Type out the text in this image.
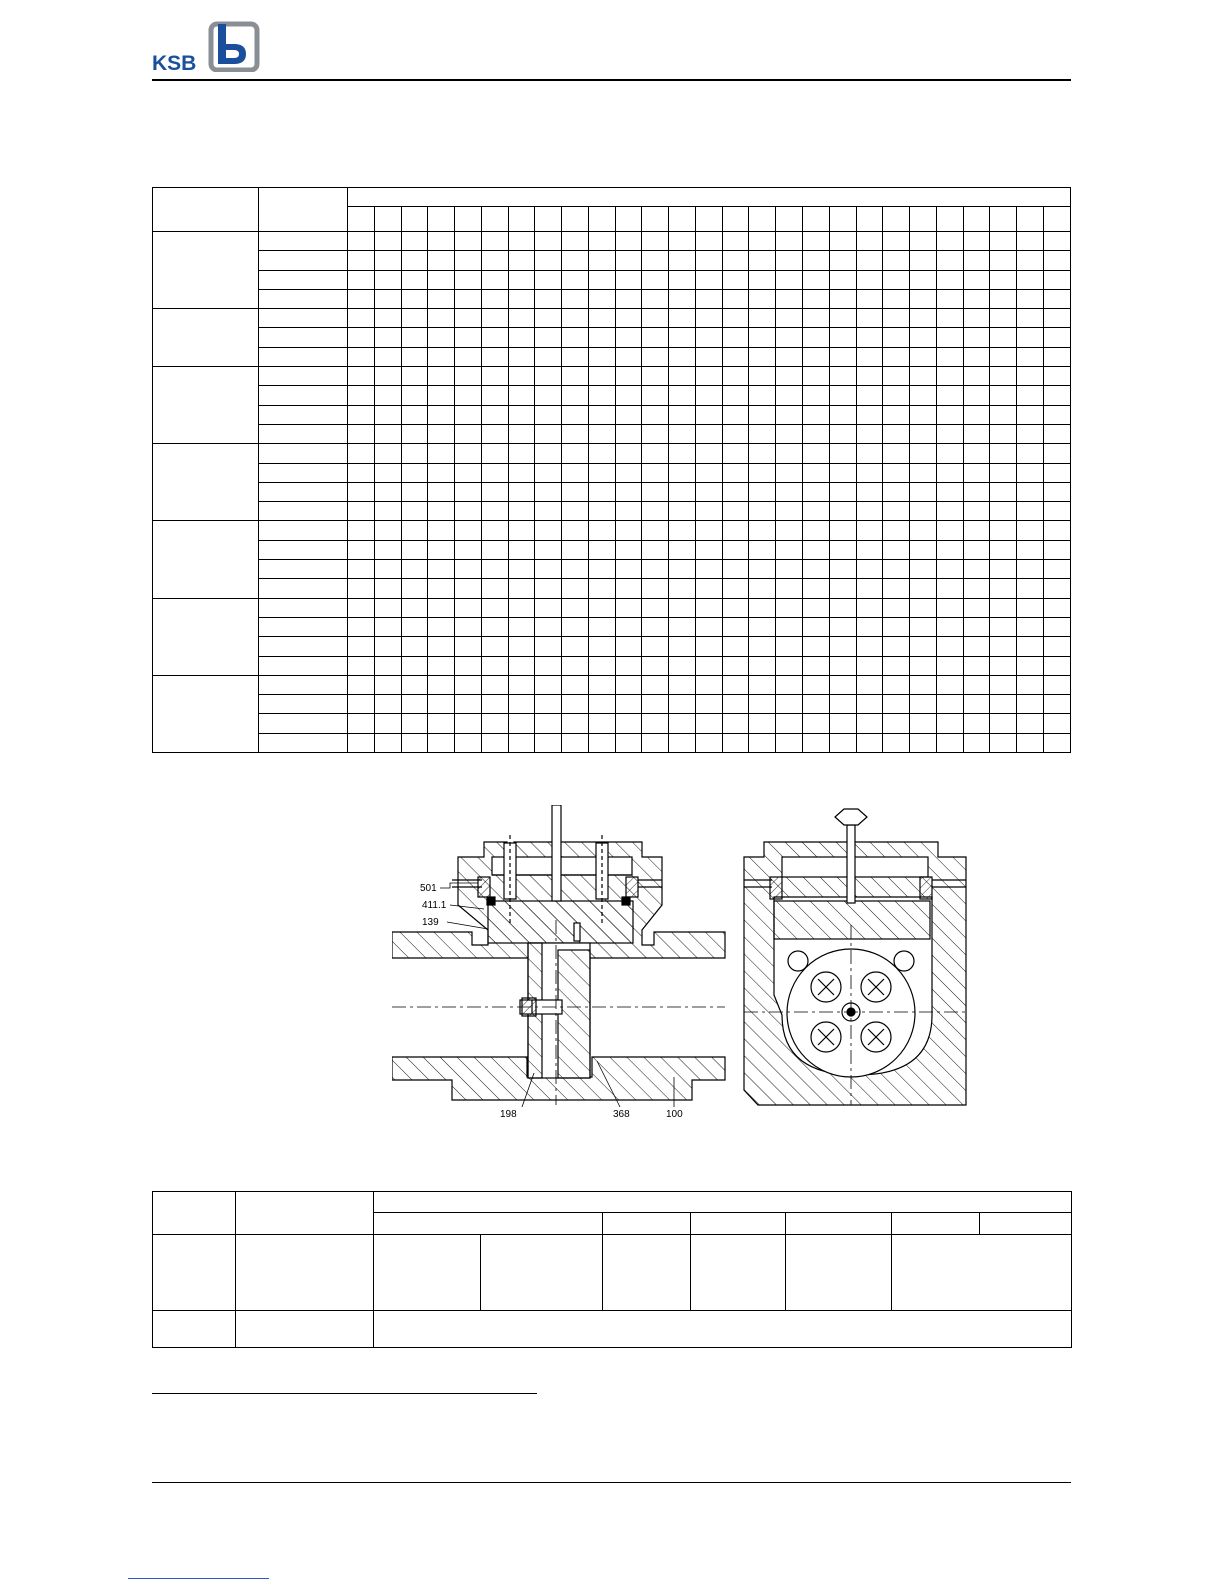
KSB

501
411.1
139
198	368	100
